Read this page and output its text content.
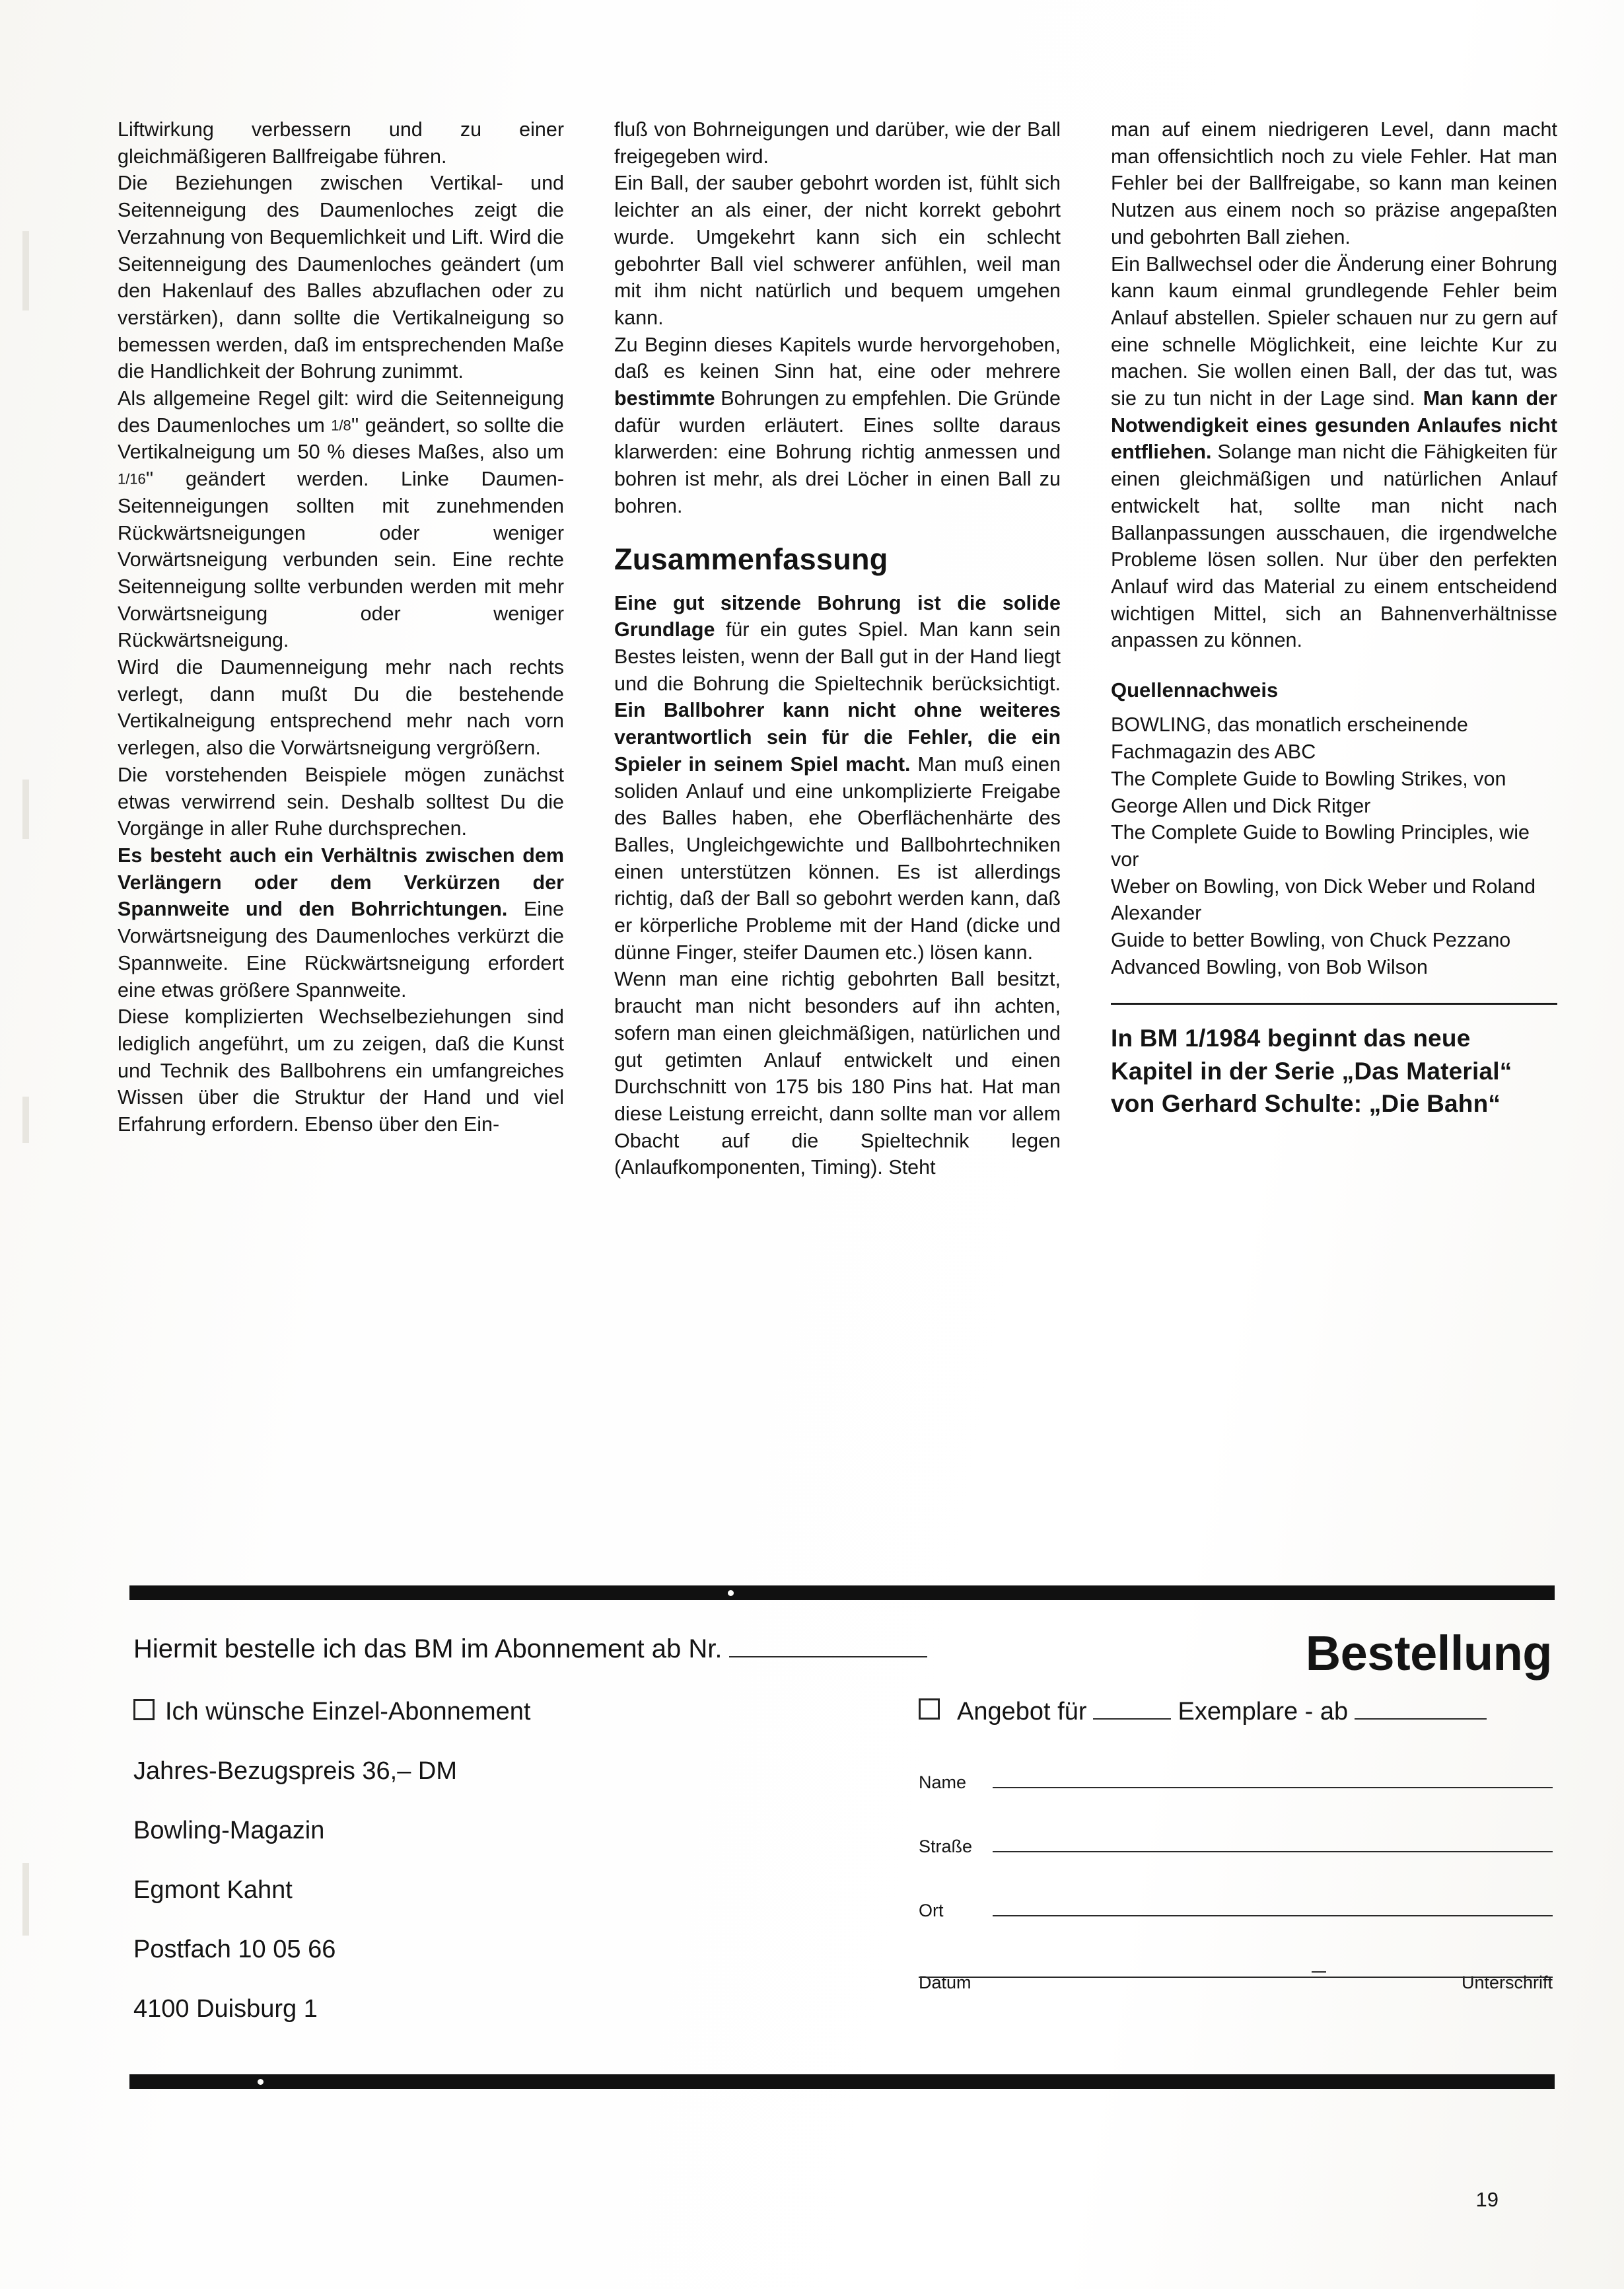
Liftwirkung verbessern und zu einer gleichmäßigeren Ballfreigabe führen.

Die Beziehungen zwischen Vertikal- und Seitenneigung des Daumenloches zeigt die Verzahnung von Bequemlichkeit und Lift. Wird die Seitenneigung des Daumenloches geändert (um den Hakenlauf des Balles abzuflachen oder zu verstärken), dann sollte die Vertikalneigung so bemessen werden, daß im entsprechenden Maße die Handlichkeit der Bohrung zunimmt.

Als allgemeine Regel gilt: wird die Seitenneigung des Daumenloches um 1/8'' geändert, so sollte die Vertikalneigung um 50 % dieses Maßes, also um 1/16'' geändert werden. Linke Daumen-Seitenneigungen sollten mit zunehmenden Rückwärtsneigungen oder weniger Vorwärtsneigung verbunden sein. Eine rechte Seitenneigung sollte verbunden werden mit mehr Vorwärtsneigung oder weniger Rückwärtsneigung.

Wird die Daumenneigung mehr nach rechts verlegt, dann mußt Du die bestehende Vertikalneigung entsprechend mehr nach vorn verlegen, also die Vorwärtsneigung vergrößern.

Die vorstehenden Beispiele mögen zunächst etwas verwirrend sein. Deshalb solltest Du die Vorgänge in aller Ruhe durchsprechen.

Es besteht auch ein Verhältnis zwischen dem Verlängern oder dem Verkürzen der Spannweite und den Bohrrichtungen. Eine Vorwärtsneigung des Daumenloches verkürzt die Spannweite. Eine Rückwärtsneigung erfordert eine etwas größere Spannweite.

Diese komplizierten Wechselbeziehungen sind lediglich angeführt, um zu zeigen, daß die Kunst und Technik des Ballbohrens ein umfangreiches Wissen über die Struktur der Hand und viel Erfahrung erfordern. Ebenso über den Ein-

fluß von Bohrneigungen und darüber, wie der Ball freigegeben wird.

Ein Ball, der sauber gebohrt worden ist, fühlt sich leichter an als einer, der nicht korrekt gebohrt wurde. Umgekehrt kann sich ein schlecht gebohrter Ball viel schwerer anfühlen, weil man mit ihm nicht natürlich und bequem umgehen kann.

Zu Beginn dieses Kapitels wurde hervorgehoben, daß es keinen Sinn hat, eine oder mehrere bestimmte Bohrungen zu empfehlen. Die Gründe dafür wurden erläutert. Eines sollte daraus klarwerden: eine Bohrung richtig anmessen und bohren ist mehr, als drei Löcher in einen Ball zu bohren.

Zusammenfassung

Eine gut sitzende Bohrung ist die solide Grundlage für ein gutes Spiel. Man kann sein Bestes leisten, wenn der Ball gut in der Hand liegt und die Bohrung die Spieltechnik berücksichtigt. Ein Ballbohrer kann nicht ohne weiteres verantwortlich sein für die Fehler, die ein Spieler in seinem Spiel macht. Man muß einen soliden Anlauf und eine unkomplizierte Freigabe des Balles haben, ehe Oberflächenhärte des Balles, Ungleichgewichte und Ballbohrtechniken einen unterstützen können. Es ist allerdings richtig, daß der Ball so gebohrt werden kann, daß er körperliche Probleme mit der Hand (dicke und dünne Finger, steifer Daumen etc.) lösen kann.

Wenn man eine richtig gebohrten Ball besitzt, braucht man nicht besonders auf ihn achten, sofern man einen gleichmäßigen, natürlichen und gut getimten Anlauf entwickelt und einen Durchschnitt von 175 bis 180 Pins hat. Hat man diese Leistung erreicht, dann sollte man vor allem Obacht auf die Spieltechnik legen (Anlaufkomponenten, Timing). Steht

man auf einem niedrigeren Level, dann macht man offensichtlich noch zu viele Fehler. Hat man Fehler bei der Ballfreigabe, so kann man keinen Nutzen aus einem noch so präzise angepaßten und gebohrten Ball ziehen.

Ein Ballwechsel oder die Änderung einer Bohrung kann kaum einmal grundlegende Fehler beim Anlauf abstellen. Spieler schauen nur zu gern auf eine schnelle Möglichkeit, eine leichte Kur zu machen. Sie wollen einen Ball, der das tut, was sie zu tun nicht in der Lage sind. Man kann der Notwendigkeit eines gesunden Anlaufes nicht entfliehen. Solange man nicht die Fähigkeiten für einen gleichmäßigen und natürlichen Anlauf entwickelt hat, sollte man nicht nach Ballanpassungen ausschauen, die irgendwelche Probleme lösen sollen. Nur über den perfekten Anlauf wird das Material zu einem entscheidend wichtigen Mittel, sich an Bahnenverhältnisse anpassen zu können.

Quellennachweis

BOWLING, das monatlich erscheinende Fachmagazin des ABC

The Complete Guide to Bowling Strikes, von George Allen und Dick Ritger

The Complete Guide to Bowling Principles, wie vor

Weber on Bowling, von Dick Weber und Roland Alexander

Guide to better Bowling, von Chuck Pezzano

Advanced Bowling, von Bob Wilson

In BM 1/1984 beginnt das neue Kapitel in der Serie „Das Material“ von Gerhard Schulte: „Die Bahn“
Bestellung
Hiermit bestelle ich das BM im Abonnement ab Nr.
Ich wünsche Einzel-Abonnement
Jahres-Bezugspreis 36,– DM
Bowling-Magazin
Egmont Kahnt
Postfach 10 05 66
4100 Duisburg 1
Angebot für	Exemplare - ab
Name
Straße
Ort
Datum	Unterschrift
19
